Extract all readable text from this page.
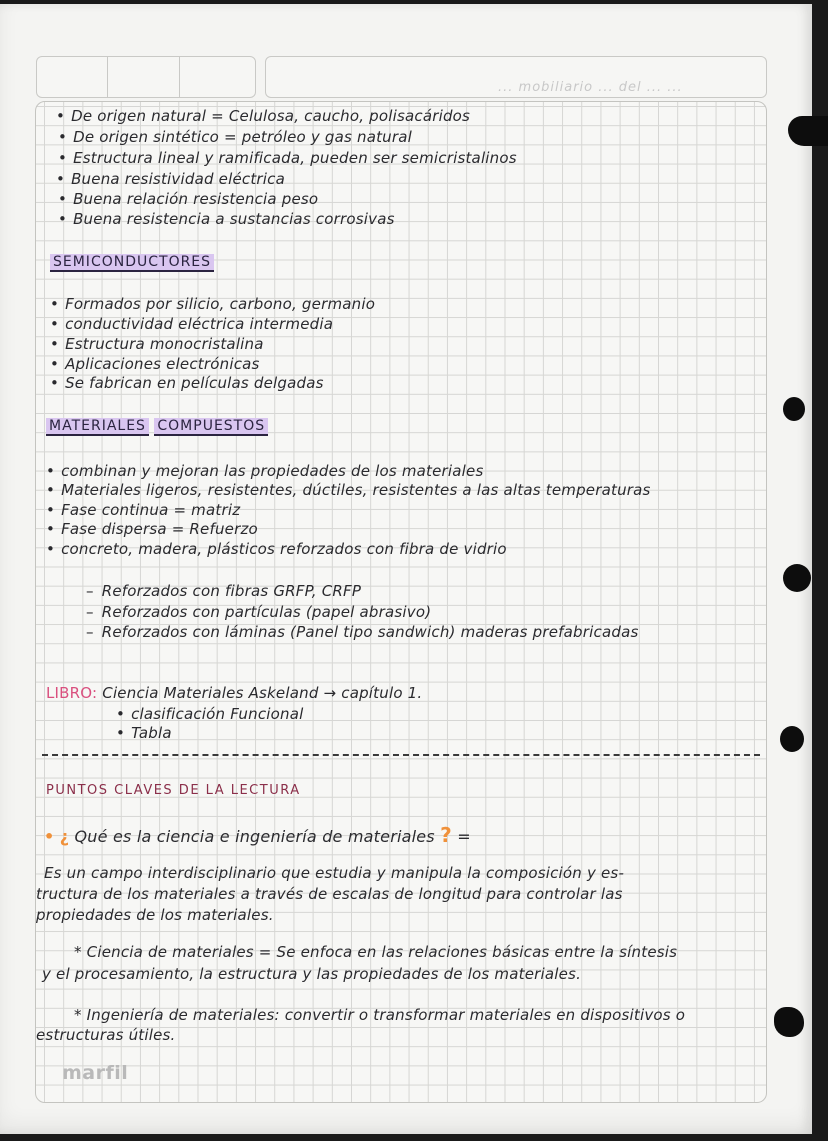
... mobiliario ... del ... ...
• De origen natural = Celulosa, caucho, polisacáridos
• De origen sintético = petróleo y gas natural
• Estructura lineal y ramificada, pueden ser semicristalinos
• Buena resistividad eléctrica
• Buena relación resistencia peso
• Buena resistencia a sustancias corrosivas
SEMICONDUCTORES
• Formados por silicio, carbono, germanio
• conductividad eléctrica intermedia
• Estructura monocristalina
• Aplicaciones electrónicas
• Se fabrican en películas delgadas
MATERIALES COMPUESTOS
• combinan y mejoran las propiedades de los materiales
• Materiales ligeros, resistentes, dúctiles, resistentes a las altas temperaturas
• Fase continua = matriz
• Fase dispersa = Refuerzo
• concreto, madera, plásticos reforzados con fibra de vidrio
– Reforzados con fibras GRFP, CRFP
– Reforzados con partículas (papel abrasivo)
– Reforzados con láminas (Panel tipo sandwich) maderas prefabricadas
LIBRO: Ciencia Materiales Askeland → capítulo 1.
• clasificación Funcional
• Tabla
PUNTOS CLAVES DE LA LECTURA
• ¿ Qué es la ciencia e ingeniería de materiales ? =
Es un campo interdisciplinario que estudia y manipula la composición y es-
tructura de los materiales a través de escalas de longitud para controlar las
propiedades de los materiales.
* Ciencia de materiales = Se enfoca en las relaciones básicas entre la síntesis
y el procesamiento, la estructura y las propiedades de los materiales.
* Ingeniería de materiales: convertir o transformar materiales en dispositivos o
estructuras útiles.
marfil
